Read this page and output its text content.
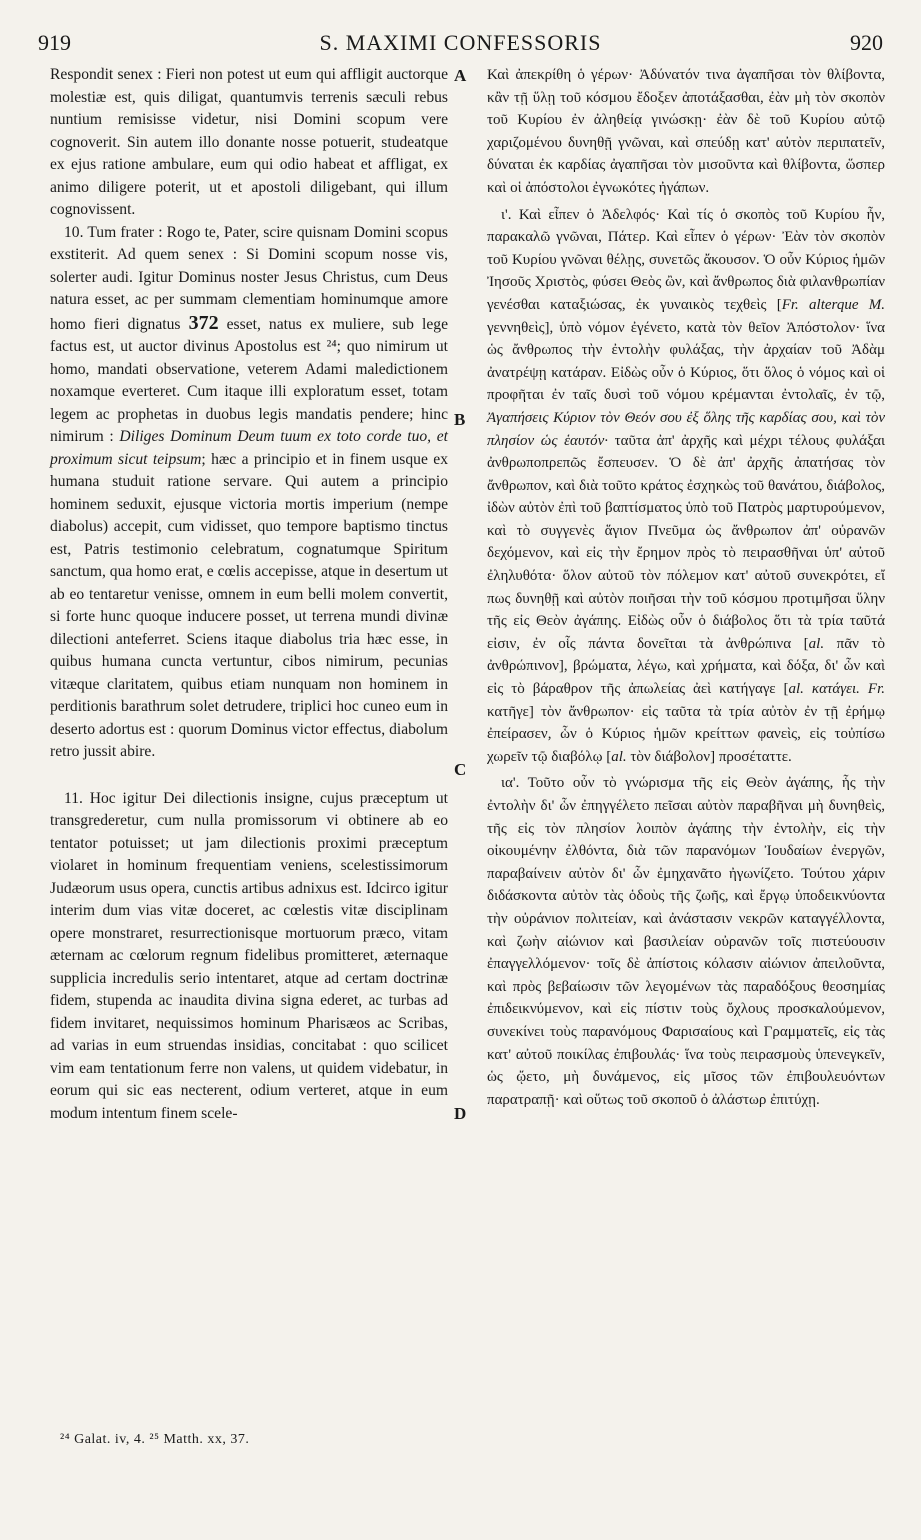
919	S. MAXIMI CONFESSORIS	920

Respondit senex : Fieri non potest ut eum qui affligit auctorque molestiæ est, quis diligat, quantumvis terrenis sæculi rebus nuntium remisisse videtur, nisi Domini scopum vere cognoverit. Sin autem illo donante nosse potuerit, studeatque ex ejus ratione ambulare, eum qui odio habeat et affligat, ex animo diligere poterit, ut et apostoli diligebant, qui illum cognovissent.

10. Tum frater : Rogo te, Pater, scire quisnam Domini scopus exstiterit. Ad quem senex : Si Domini scopum nosse vis, solerter audi. Igitur Dominus noster Jesus Christus, cum Deus natura esset, ac per summam clementiam hominumque amore homo fieri dignatus 372 esset, natus ex muliere, sub lege factus est, ut auctor divinus Apostolus est ²⁴; quo nimirum ut homo, mandati observatione, veterem Adami maledictionem noxamque everteret. Cum itaque illi exploratum esset, totam legem ac prophetas in duobus legis mandatis pendere; hinc nimirum : Diliges Dominum Deum tuum ex toto corde tuo, et proximum sicut teipsum; hæc a principio et in finem usque ex humana studuit ratione servare. Qui autem a principio hominem seduxit, ejusque victoria mortis imperium (nempe diabolus) accepit, cum vidisset, quo tempore baptismo tinctus est, Patris testimonio celebratum, cognatumque Spiritum sanctum, qua homo erat, e cœlis accepisse, atque in desertum ut ab eo tentaretur venisse, omnem in eum belli molem convertit, si forte hunc quoque inducere posset, ut terrena mundi divinæ dilectioni anteferret. Sciens itaque diabolus tria hæc esse, in quibus humana cuncta vertuntur, cibos nimirum, pecunias vitæque claritatem, quibus etiam nunquam non hominem in perditionis barathrum solet detrudere, triplici hoc cuneo eum in deserto adortus est : quorum Dominus victor effectus, diabolum retro jussit abire.

11. Hoc igitur Dei dilectionis insigne, cujus præceptum ut transgrederetur, cum nulla promissorum vi obtinere ab eo tentator potuisset; ut jam dilectionis proximi præceptum violaret in hominum frequentiam veniens, scelestissimorum Judæorum usus opera, cunctis artibus adnixus est. Idcirco igitur interim dum vias vitæ doceret, ac cœlestis vitæ disciplinam opere monstraret, resurrectionisque mortuorum præco, vitam æternam ac cœlorum regnum fidelibus promitteret, æternaque supplicia incredulis serio intentaret, atque ad certam doctrinæ fidem, stupenda ac inaudita divina signa ederet, ac turbas ad fidem invitaret, nequissimos hominum Pharisæos ac Scribas, ad varias in eum struendas insidias, concitabat : quo scilicet vim eam tentationum ferre non valens, ut quidem videbatur, in eorum qui sic eas necterent, odium verteret, atque in eum modum intentum finem scele-

A
B
C
D

Καὶ ἀπεκρίθη ὁ γέρων· Ἀδύνατόν τινα ἀγαπῆσαι τὸν θλίβοντα, κἂν τῇ ὕλῃ τοῦ κόσμου ἔδοξεν ἀποτάξασθαι, ἐὰν μὴ τὸν σκοπὸν τοῦ Κυρίου ἐν ἀληθείᾳ γινώσκῃ· ἐὰν δὲ τοῦ Κυρίου αὐτῷ χαριζομένου δυνηθῇ γνῶναι, καὶ σπεύδῃ κατ' αὐτὸν περιπατεῖν, δύναται ἐκ καρδίας ἀγαπῆσαι τὸν μισοῦντα καὶ θλίβοντα, ὥσπερ καὶ οἱ ἀπόστολοι ἐγνωκότες ἠγάπων.

ι'. Καὶ εἶπεν ὁ Ἀδελφός· Καὶ τίς ὁ σκοπὸς τοῦ Κυρίου ἦν, παρακαλῶ γνῶναι, Πάτερ. Καὶ εἶπεν ὁ γέρων· Ἐὰν τὸν σκοπὸν τοῦ Κυρίου γνῶναι θέλῃς, συνετῶς ἄκουσον. Ὁ οὖν Κύριος ἡμῶν Ἰησοῦς Χριστὸς, φύσει Θεὸς ὢν, καὶ ἄνθρωπος διὰ φιλανθρωπίαν γενέσθαι καταξιώσας, ἐκ γυναικὸς τεχθεὶς [Fr. alterque M. γεννηθεὶς], ὑπὸ νόμον ἐγένετο, κατὰ τὸν θεῖον Ἀπόστολον· ἵνα ὡς ἄνθρωπος τὴν ἐντολὴν φυλάξας, τὴν ἀρχαίαν τοῦ Ἀδὰμ ἀνατρέψῃ κατάραν. Εἰδὼς οὖν ὁ Κύριος, ὅτι ὅλος ὁ νόμος καὶ οἱ προφῆται ἐν ταῖς δυσὶ τοῦ νόμου κρέμανται ἐντολαῖς, ἐν τῷ, Ἀγαπήσεις Κύριον τὸν Θεόν σου ἐξ ὅλης τῆς καρδίας σου, καὶ τὸν πλησίον ὡς ἑαυτόν· ταῦτα ἀπ' ἀρχῆς καὶ μέχρι τέλους φυλάξαι ἀνθρωποπρεπῶς ἔσπευσεν. Ὁ δὲ ἀπ' ἀρχῆς ἀπατήσας τὸν ἄνθρωπον, καὶ διὰ τοῦτο κράτος ἐσχηκὼς τοῦ θανάτου, διάβολος, ἰδὼν αὐτὸν ἐπὶ τοῦ βαπτίσματος ὑπὸ τοῦ Πατρὸς μαρτυρούμενον, καὶ τὸ συγγενὲς ἅγιον Πνεῦμα ὡς ἄνθρωπον ἀπ' οὐρανῶν δεχόμενον, καὶ εἰς τὴν ἔρημον πρὸς τὸ πειρασθῆναι ὑπ' αὐτοῦ ἐληλυθότα· ὅλον αὐτοῦ τὸν πόλεμον κατ' αὐτοῦ συνεκρότει, εἴ πως δυνηθῇ καὶ αὐτὸν ποιῆσαι τὴν τοῦ κόσμου προτιμῆσαι ὕλην τῆς εἰς Θεὸν ἀγάπης. Εἰδὼς οὖν ὁ διάβολος ὅτι τὰ τρία ταῦτά εἰσιν, ἐν οἷς πάντα δονεῖται τὰ ἀνθρώπινα [al. πᾶν τὸ ἀνθρώπινον], βρώματα, λέγω, καὶ χρήματα, καὶ δόξα, δι' ὧν καὶ εἰς τὸ βάραθρον τῆς ἀπωλείας ἀεὶ κατήγαγε [al. κατάγει. Fr. κατῆγε] τὸν ἄνθρωπον· εἰς ταῦτα τὰ τρία αὐτὸν ἐν τῇ ἐρήμῳ ἐπείρασεν, ὧν ὁ Κύριος ἡμῶν κρείττων φανεὶς, εἰς τοὐπίσω χωρεῖν τῷ διαβόλῳ [al. τὸν διάβολον] προσέταττε.

ια'. Τοῦτο οὖν τὸ γνώρισμα τῆς εἰς Θεὸν ἀγάπης, ἧς τὴν ἐντολὴν δι' ὧν ἐπηγγέλετο πεῖσαι αὐτὸν παραβῆναι μὴ δυνηθεὶς, τῆς εἰς τὸν πλησίον λοιπὸν ἀγάπης τὴν ἐντολὴν, εἰς τὴν οἰκουμένην ἐλθόντα, διὰ τῶν παρανόμων Ἰουδαίων ἐνεργῶν, παραβαίνειν αὐτὸν δι' ὧν ἐμηχανᾶτο ἠγωνίζετο. Τούτου χάριν διδάσκοντα αὐτὸν τὰς ὁδοὺς τῆς ζωῆς, καὶ ἔργῳ ὑποδεικνύοντα τὴν οὐράνιον πολιτείαν, καὶ ἀνάστασιν νεκρῶν καταγγέλλοντα, καὶ ζωὴν αἰώνιον καὶ βασιλείαν οὐρανῶν τοῖς πιστεύουσιν ἐπαγγελλόμενον· τοῖς δὲ ἀπίστοις κόλασιν αἰώνιον ἀπειλοῦντα, καὶ πρὸς βεβαίωσιν τῶν λεγομένων τὰς παραδόξους θεοσημίας ἐπιδεικνύμενον, καὶ εἰς πίστιν τοὺς ὄχλους προσκαλούμενον, συνεκίνει τοὺς παρανόμους Φαρισαίους καὶ Γραμματεῖς, εἰς τὰς κατ' αὐτοῦ ποικίλας ἐπιβουλάς· ἵνα τοὺς πειρασμοὺς ὑπενεγκεῖν, ὡς ᾤετο, μὴ δυνάμενος, εἰς μῖσος τῶν ἐπιβουλευόντων παρατραπῇ· καὶ οὕτως τοῦ σκοποῦ ὁ ἀλάστωρ ἐπιτύχῃ.

²⁴ Galat. iv, 4. ²⁵ Matth. xx, 37.
